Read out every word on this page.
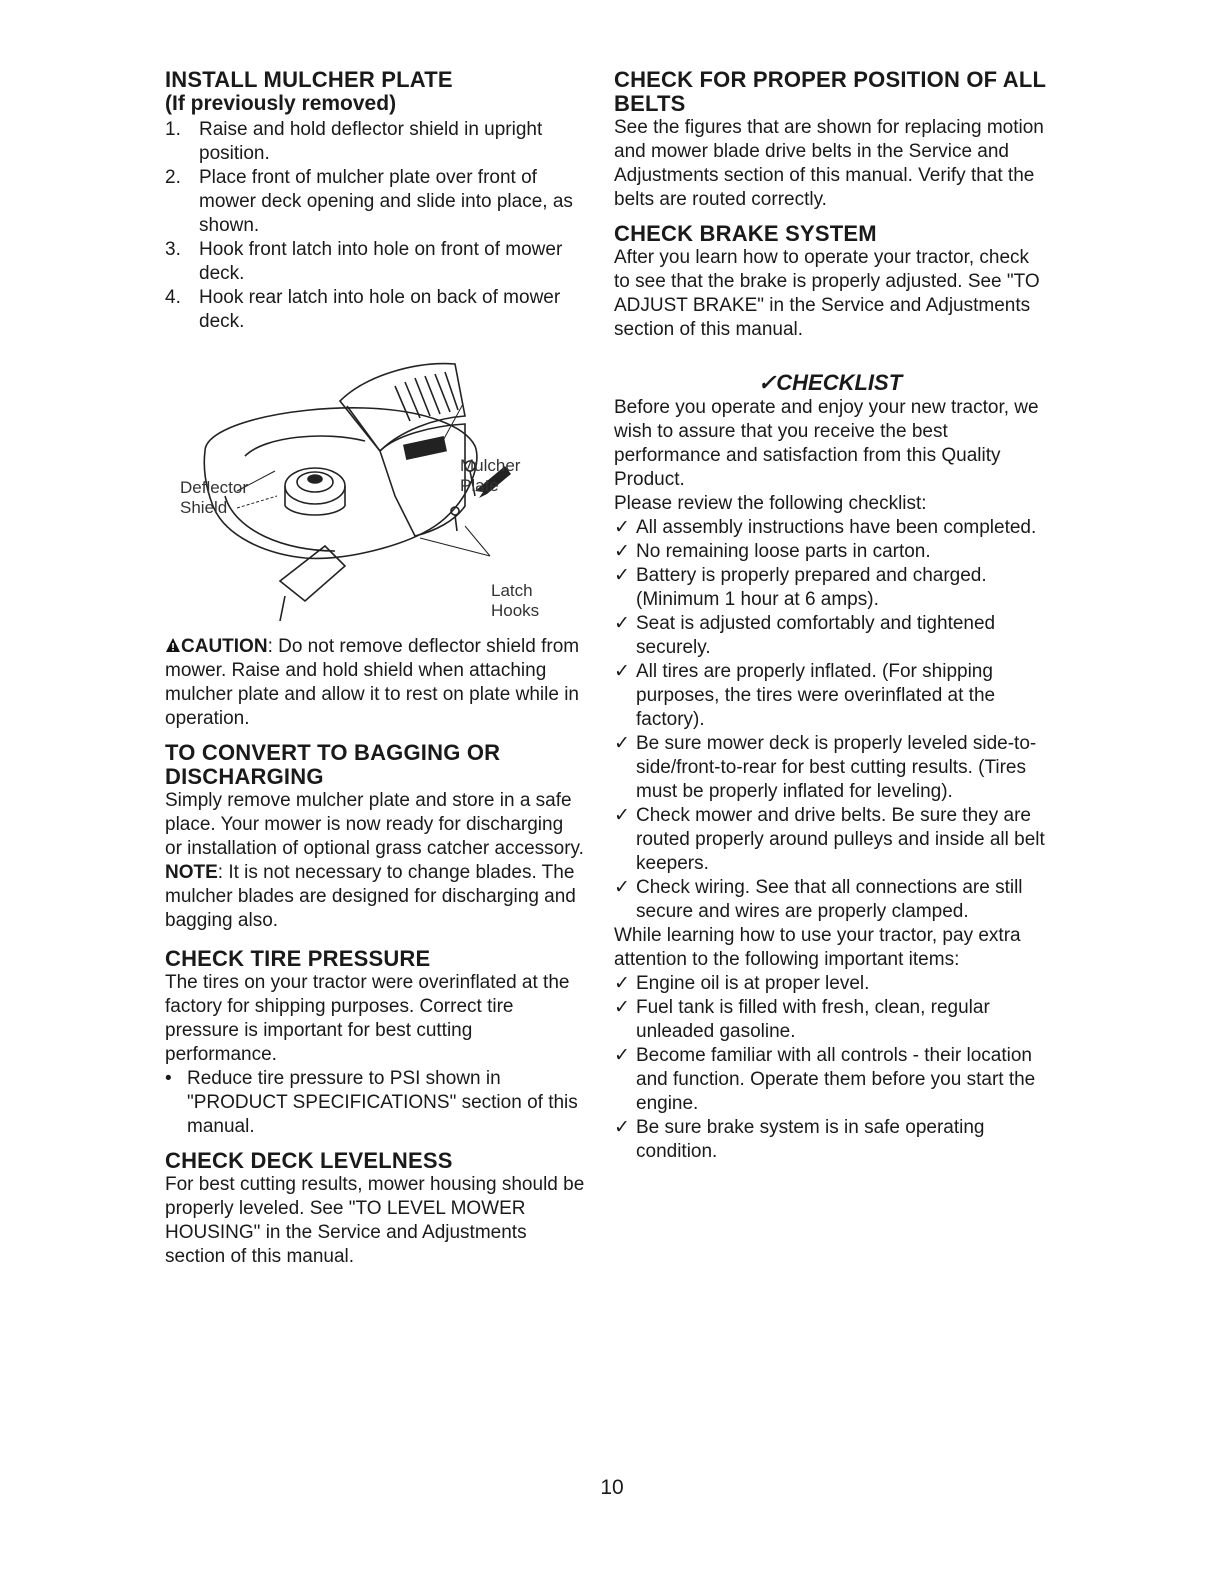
INSTALL MULCHER PLATE
(If previously removed)
1. Raise and hold deflector shield in upright position.
2. Place front of mulcher plate over front of mower deck opening and slide into place, as shown.
3. Hook front latch into hole on front of mower deck.
4. Hook rear latch into hole on back of mower deck.
Deflector
Shield
Mulcher
Plate
Latch
Hooks

CAUTION: Do not remove deflector shield from mower. Raise and hold shield when attaching mulcher plate and allow it to rest on plate while in operation.

TO CONVERT TO BAGGING OR DISCHARGING

Simply remove mulcher plate and store in a safe place. Your mower is now ready for discharging or installation of optional grass catcher accessory.

NOTE: It is not necessary to change blades. The mulcher blades are designed for discharging and bagging also.

CHECK TIRE PRESSURE

The tires on your tractor were overinflated at the factory for shipping purposes. Correct tire pressure is important for best cutting performance.

• Reduce tire pressure to PSI shown in "PRODUCT SPECIFICATIONS" section of this manual.
CHECK DECK LEVELNESS

For best cutting results, mower housing should be properly leveled. See "TO LEVEL MOWER HOUSING" in the Service and Adjustments section of this manual.

CHECK FOR PROPER POSITION OF ALL BELTS

See the figures that are shown for replacing motion and mower blade drive belts in the Service and Adjustments section of this manual. Verify that the belts are routed correctly.

CHECK BRAKE SYSTEM

After you learn how to operate your tractor, check to see that the brake is properly adjusted. See "TO ADJUST BRAKE" in the Service and Adjustments section of this manual.

✓CHECKLIST

Before you operate and enjoy your new tractor, we wish to assure that you receive the best performance and satisfaction from this Quality Product.

Please review the following checklist:

✓ All assembly instructions have been completed.
✓ No remaining loose parts in carton.
✓ Battery is properly prepared and charged. (Minimum 1 hour at 6 amps).
✓ Seat is adjusted comfortably and tightened securely.
✓ All tires are properly inflated. (For shipping purposes, the tires were overinflated at the factory).
✓ Be sure mower deck is properly leveled side-to-side/front-to-rear for best cutting results. (Tires must be properly inflated for leveling).
✓ Check mower and drive belts. Be sure they are routed properly around pulleys and inside all belt keepers.
✓ Check wiring. See that all connections are still secure and wires are properly clamped.

While learning how to use your tractor, pay extra attention to the following important items:

✓ Engine oil is at proper level.
✓ Fuel tank is filled with fresh, clean, regular unleaded gasoline.
✓ Become familiar with all controls - their location and function. Operate them before you start the engine.
✓ Be sure brake system is in safe operating condition.
10
